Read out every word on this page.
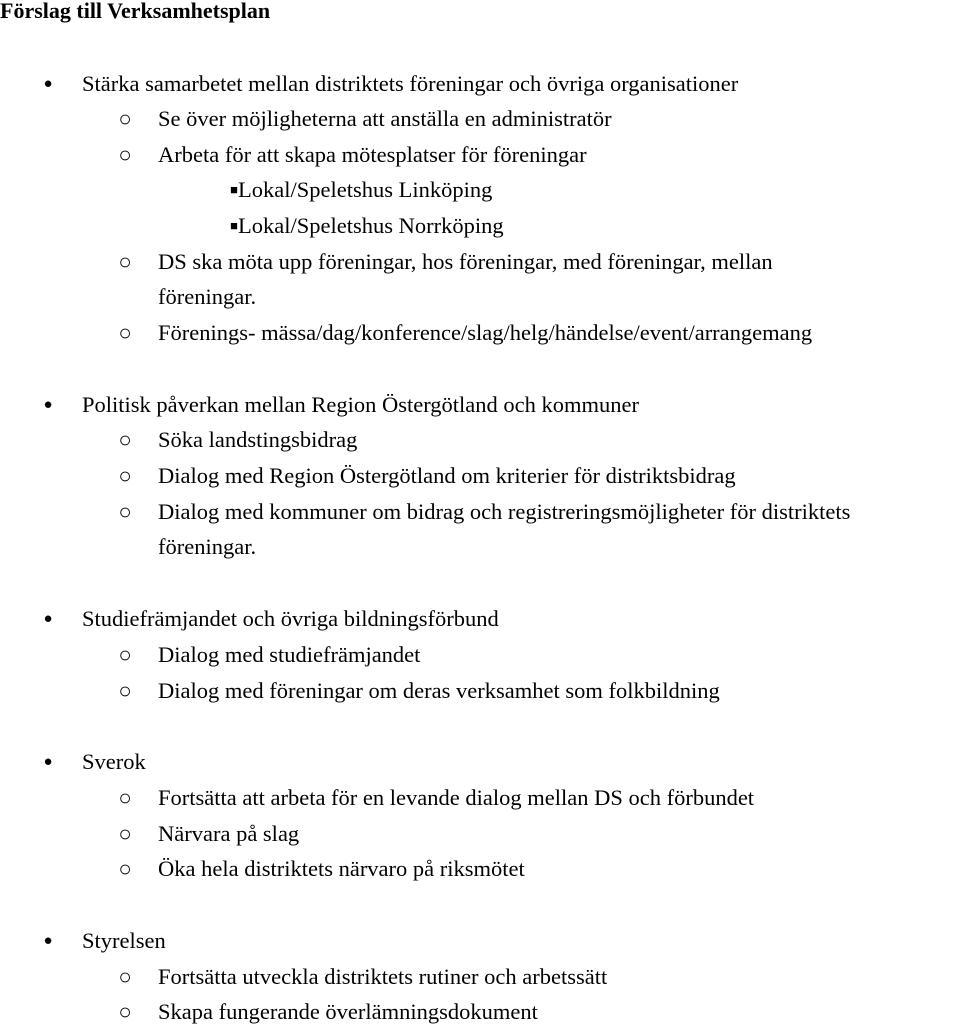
Förslag till Verksamhetsplan
● Stärka samarbetet mellan distriktets föreningar och övriga organisationer
○ Se över möjligheterna att anställa en administratör
○ Arbeta för att skapa mötesplatser för föreningar
■ Lokal/Speletshus Linköping
■ Lokal/Speletshus Norrköping
○ DS ska möta upp föreningar, hos föreningar, med föreningar, mellan
föreningar.
○ Förenings- mässa/dag/konference/slag/helg/händelse/event/arrangemang
● Politisk påverkan mellan Region Östergötland och kommuner
○ Söka landstingsbidrag
○ Dialog med Region Östergötland om kriterier för distriktsbidrag
○ Dialog med kommuner om bidrag och registreringsmöjligheter för distriktets
föreningar.
● Studiefrämjandet och övriga bildningsförbund
○ Dialog med studiefrämjandet
○ Dialog med föreningar om deras verksamhet som folkbildning
● Sverok
○ Fortsätta att arbeta för en levande dialog mellan DS och förbundet
○ Närvara på slag
○ Öka hela distriktets närvaro på riksmötet
● Styrelsen
○ Fortsätta utveckla distriktets rutiner och arbetssätt
○ Skapa fungerande överlämningsdokument
